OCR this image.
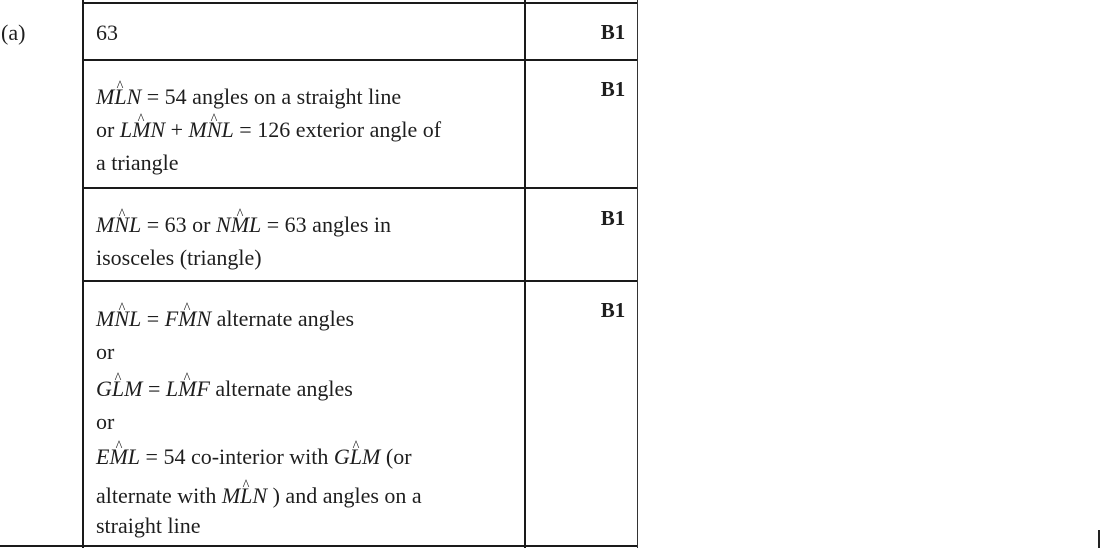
(a)	63	B1
M^ LN = 54 angles on a straight line
or L^ MN + M^ NL = 126 exterior angle of
a triangle
B1
M^ NL = 63 or N^ ML = 63 angles in
isosceles (triangle)
B1
M^ NL = F^ MN alternate angles
or
G^ LM = L^ MF alternate angles
or
E^ ML = 54 co-interior with G^ LM (or
alternate with M^ LN ) and angles on a
straight line
B1
